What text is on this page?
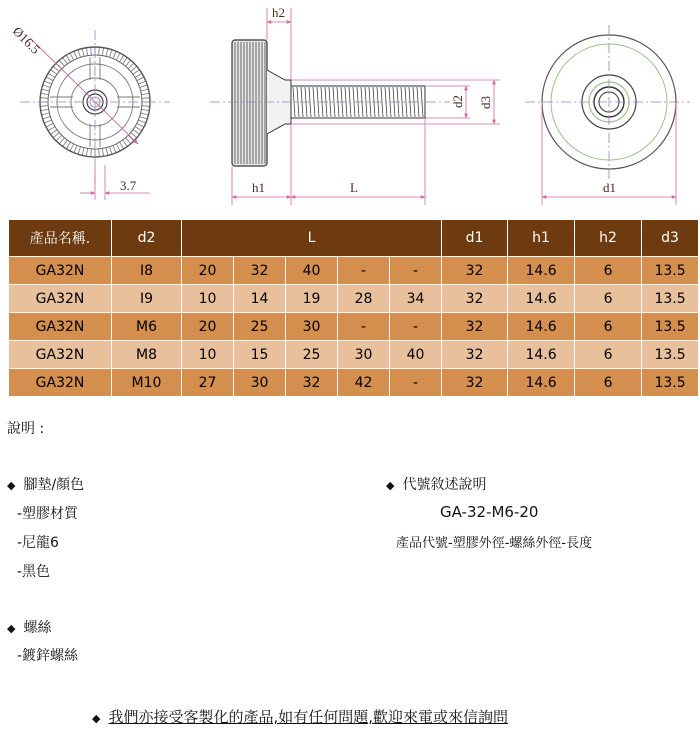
Ø16.5
3.7
h2
d2 d3
h1	L	d1
產品名稱.	d2	L					d1	h1	h2	d3
GA32N	I8	20	32	40	-	-	32	14.6	6	13.5
GA32N	I9	10	14	19	28	34	32	14.6	6	13.5
GA32N	M6	20	25	30	-	-	32	14.6	6	13.5
GA32N	M8	10	15	25	30	40	32	14.6	6	13.5
GA32N	M10	27	30	32	42	-	32	14.6	6	13.5
說明 :
◆ 腳墊/顏色
-塑膠材質
-尼龍6
-黑色
◆ 螺絲
-鍍鋅螺絲
◆ 代號敘述說明
GA-32-M6-20
產品代號-塑膠外徑-螺絲外徑-長度
◆ 我們亦接受客製化的產品,如有任何問題,歡迎來電或來信詢問
